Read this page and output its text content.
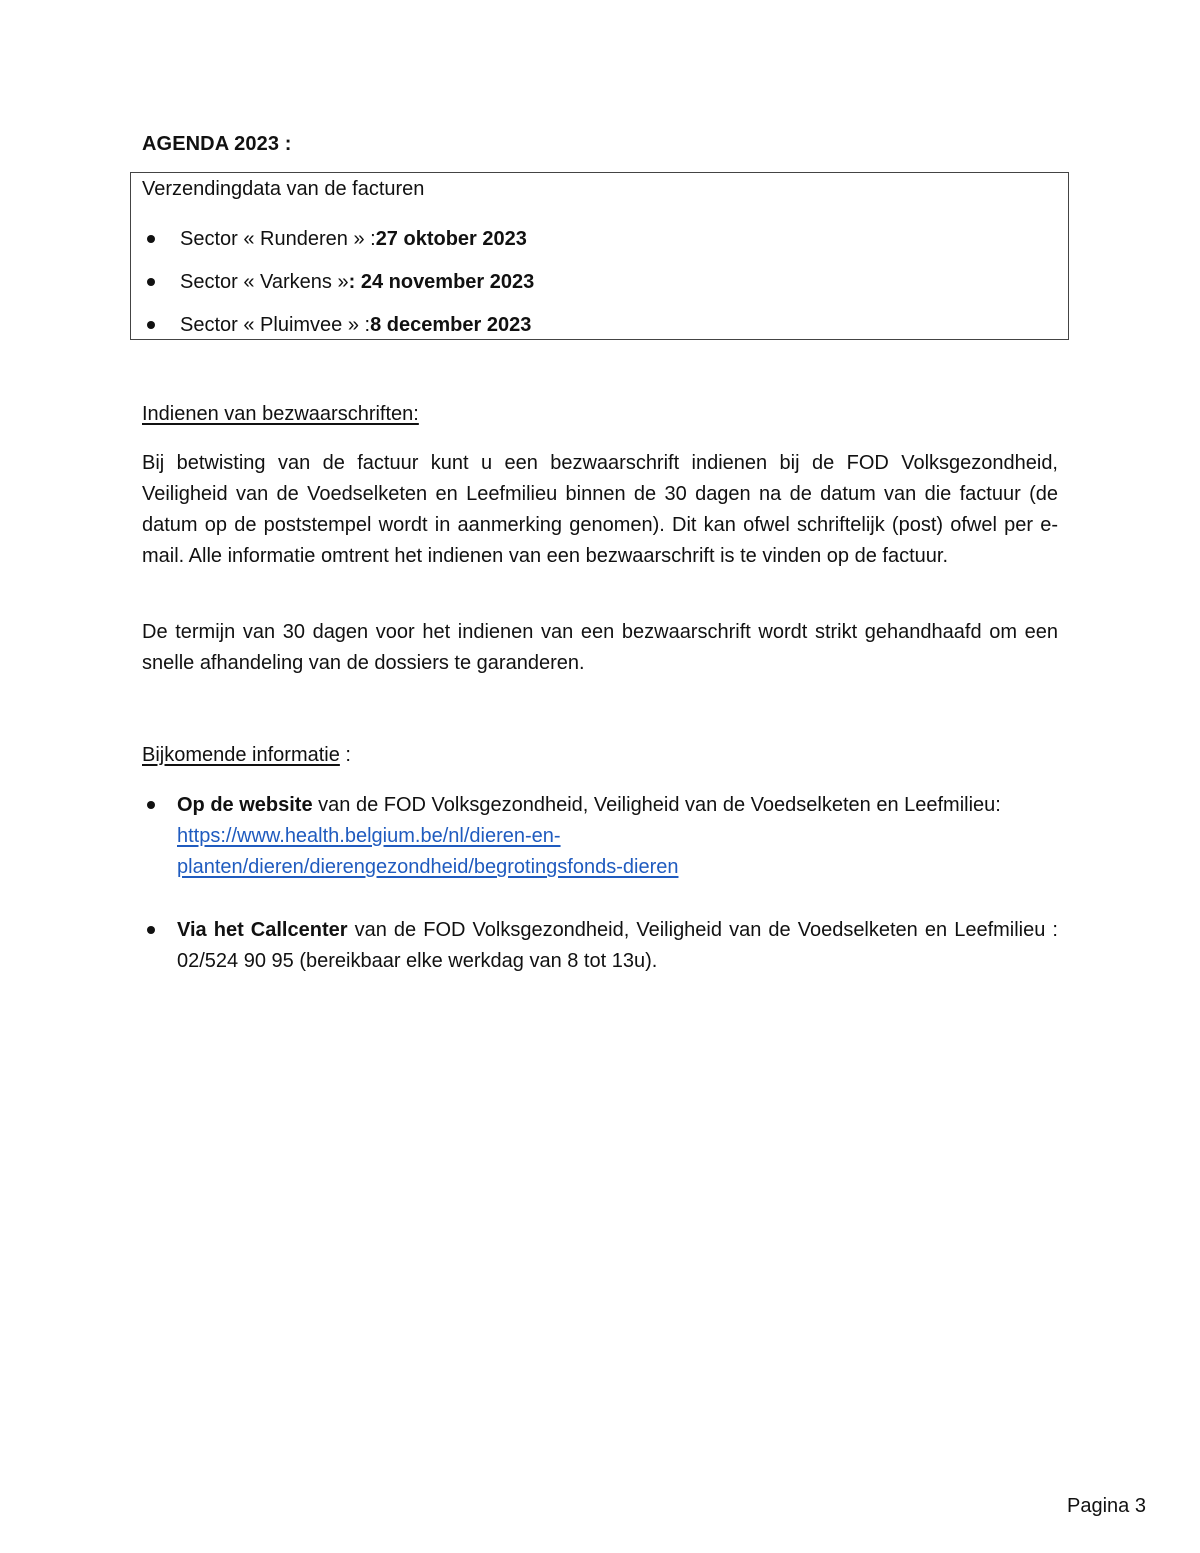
AGENDA 2023 :
Verzendingdata van de facturen
Sector « Runderen » : 27 oktober 2023
Sector « Varkens » : 24 november 2023
Sector « Pluimvee » : 8 december 2023
Indienen van bezwaarschriften:
Bij betwisting van de factuur kunt u een bezwaarschrift indienen bij de FOD Volksgezondheid, Veiligheid van de Voedselketen en Leefmilieu binnen de 30 dagen na de datum van die factuur (de datum op de poststempel wordt in aanmerking genomen). Dit kan ofwel schriftelijk (post) ofwel per e-mail. Alle informatie omtrent het indienen van een bezwaarschrift is te vinden op de factuur.
De termijn van 30 dagen voor het indienen van een bezwaarschrift wordt strikt gehandhaafd om een snelle afhandeling van de dossiers te garanderen.
Bijkomende informatie :
Op de website van de FOD Volksgezondheid, Veiligheid van de Voedselketen en Leefmilieu:
https://www.health.belgium.be/nl/dieren-en-
planten/dieren/dierengezondheid/begrotingsfonds-dieren
Via het Callcenter van de FOD Volksgezondheid, Veiligheid van de Voedselketen en Leefmilieu : 02/524 90 95 (bereikbaar elke werkdag van 8 tot 13u).
Pagina 3
